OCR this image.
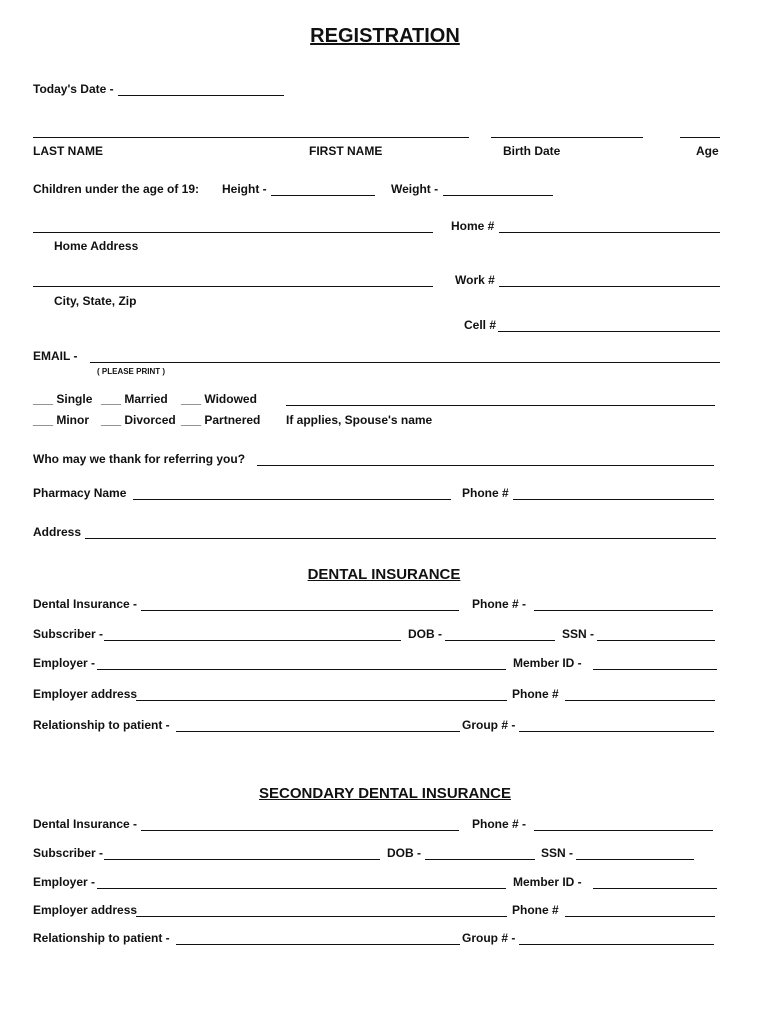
REGISTRATION
Today's Date -
LAST NAME	FIRST NAME	Birth Date	Age
Children under the age of 19: Height -	Weight -
Home #
Home Address
Work #
City, State, Zip
Cell #
EMAIL -
( PLEASE PRINT )
___ Single ___ Married ___ Widowed
___ Minor ___ Divorced ___ Partnered If applies, Spouse's name
Who may we thank for referring you?
Pharmacy Name	Phone #
Address
DENTAL INSURANCE
Dental Insurance -	Phone # -
Subscriber -	DOB -	SSN -
Employer -	Member ID -
Employer address	Phone #
Relationship to patient -	Group # -
SECONDARY DENTAL INSURANCE
Dental Insurance -	Phone # -
Subscriber -	DOB -	SSN -
Employer -	Member ID -
Employer address	Phone #
Relationship to patient -	Group # -
